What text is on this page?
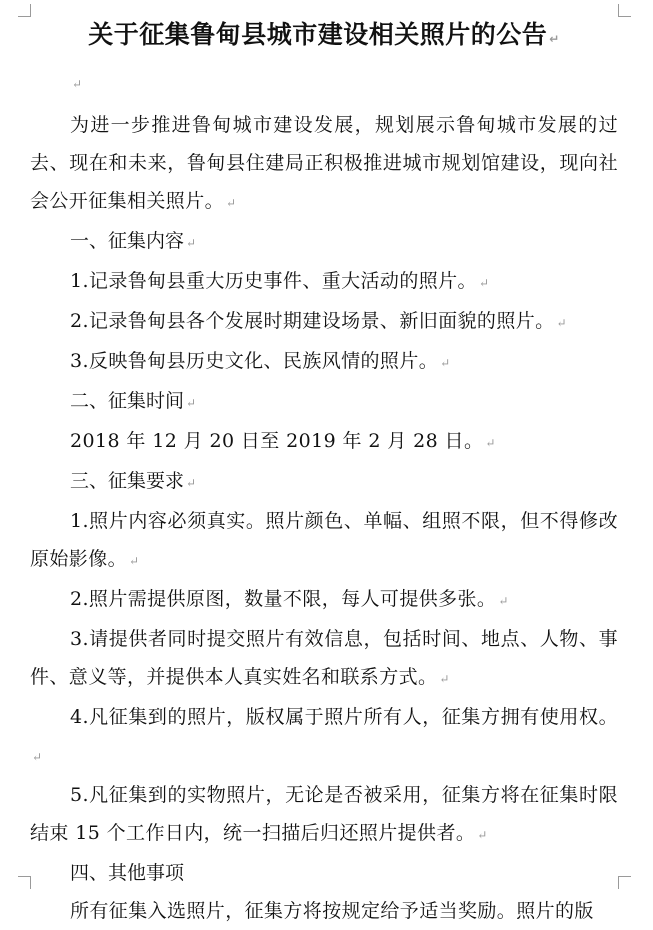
关于征集鲁甸县城市建设相关照片的公告 ↵
↵

为进一步推进鲁甸城市建设发展，规划展示鲁甸城市发展的过去、现在和未来，鲁甸县住建局正积极推进城市规划馆建设，现向社会公开征集相关照片。 ↵

一、征集内容 ↵

1.记录鲁甸县重大历史事件、重大活动的照片。 ↵

2.记录鲁甸县各个发展时期建设场景、新旧面貌的照片。 ↵

3.反映鲁甸县历史文化、民族风情的照片。 ↵

二、征集时间 ↵

2018 年 12 月 20 日至 2019 年 2 月 28 日。 ↵

三、征集要求 ↵

1.照片内容必须真实。照片颜色、单幅、组照不限，但不得修改原始影像。 ↵

2.照片需提供原图，数量不限，每人可提供多张。 ↵

3.请提供者同时提交照片有效信息，包括时间、地点、人物、事件、意义等，并提供本人真实姓名和联系方式。 ↵

4.凡征集到的照片，版权属于照片所有人，征集方拥有使用权。↵

5.凡征集到的实物照片，无论是否被采用，征集方将在征集时限结束 15 个工作日内，统一扫描后归还照片提供者。 ↵

四、其他事项

所有征集入选照片，征集方将按规定给予适当奖励。照片的版
